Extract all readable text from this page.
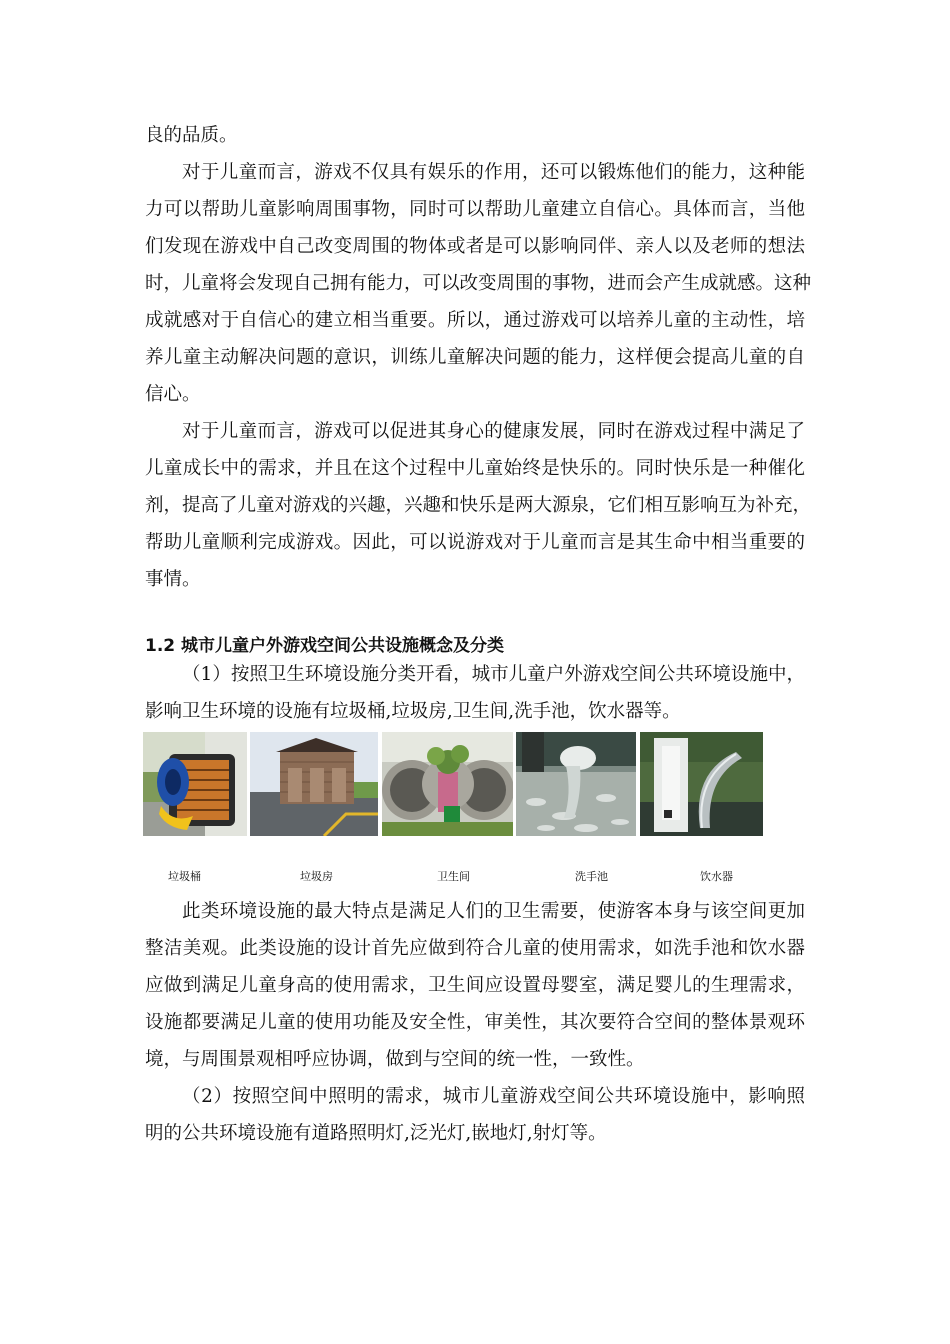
良的品质。
对于儿童而言，游戏不仅具有娱乐的作用，还可以锻炼他们的能力，这种能
力可以帮助儿童影响周围事物，同时可以帮助儿童建立自信心。具体而言，当他
们发现在游戏中自己改变周围的物体或者是可以影响同伴、亲人以及老师的想法
时，儿童将会发现自己拥有能力，可以改变周围的事物，进而会产生成就感。这种
成就感对于自信心的建立相当重要。所以，通过游戏可以培养儿童的主动性，培
养儿童主动解决问题的意识，训练儿童解决问题的能力，这样便会提高儿童的自
信心。
对于儿童而言，游戏可以促进其身心的健康发展，同时在游戏过程中满足了
儿童成长中的需求，并且在这个过程中儿童始终是快乐的。同时快乐是一种催化
剂，提高了儿童对游戏的兴趣，兴趣和快乐是两大源泉，它们相互影响互为补充，
帮助儿童顺利完成游戏。因此，可以说游戏对于儿童而言是其生命中相当重要的
事情。
1.2 城市儿童户外游戏空间公共设施概念及分类
（1）按照卫生环境设施分类开看，城市儿童户外游戏空间公共环境设施中，
影响卫生环境的设施有垃圾桶,垃圾房,卫生间,洗手池，饮水器等。
垃圾桶	垃圾房	卫生间	洗手池	饮水器
此类环境设施的最大特点是满足人们的卫生需要，使游客本身与该空间更加
整洁美观。此类设施的设计首先应做到符合儿童的使用需求，如洗手池和饮水器
应做到满足儿童身高的使用需求，卫生间应设置母婴室，满足婴儿的生理需求，
设施都要满足儿童的使用功能及安全性，审美性，其次要符合空间的整体景观环
境，与周围景观相呼应协调，做到与空间的统一性，一致性。
（2）按照空间中照明的需求，城市儿童游戏空间公共环境设施中，影响照
明的公共环境设施有道路照明灯,泛光灯,嵌地灯,射灯等。
